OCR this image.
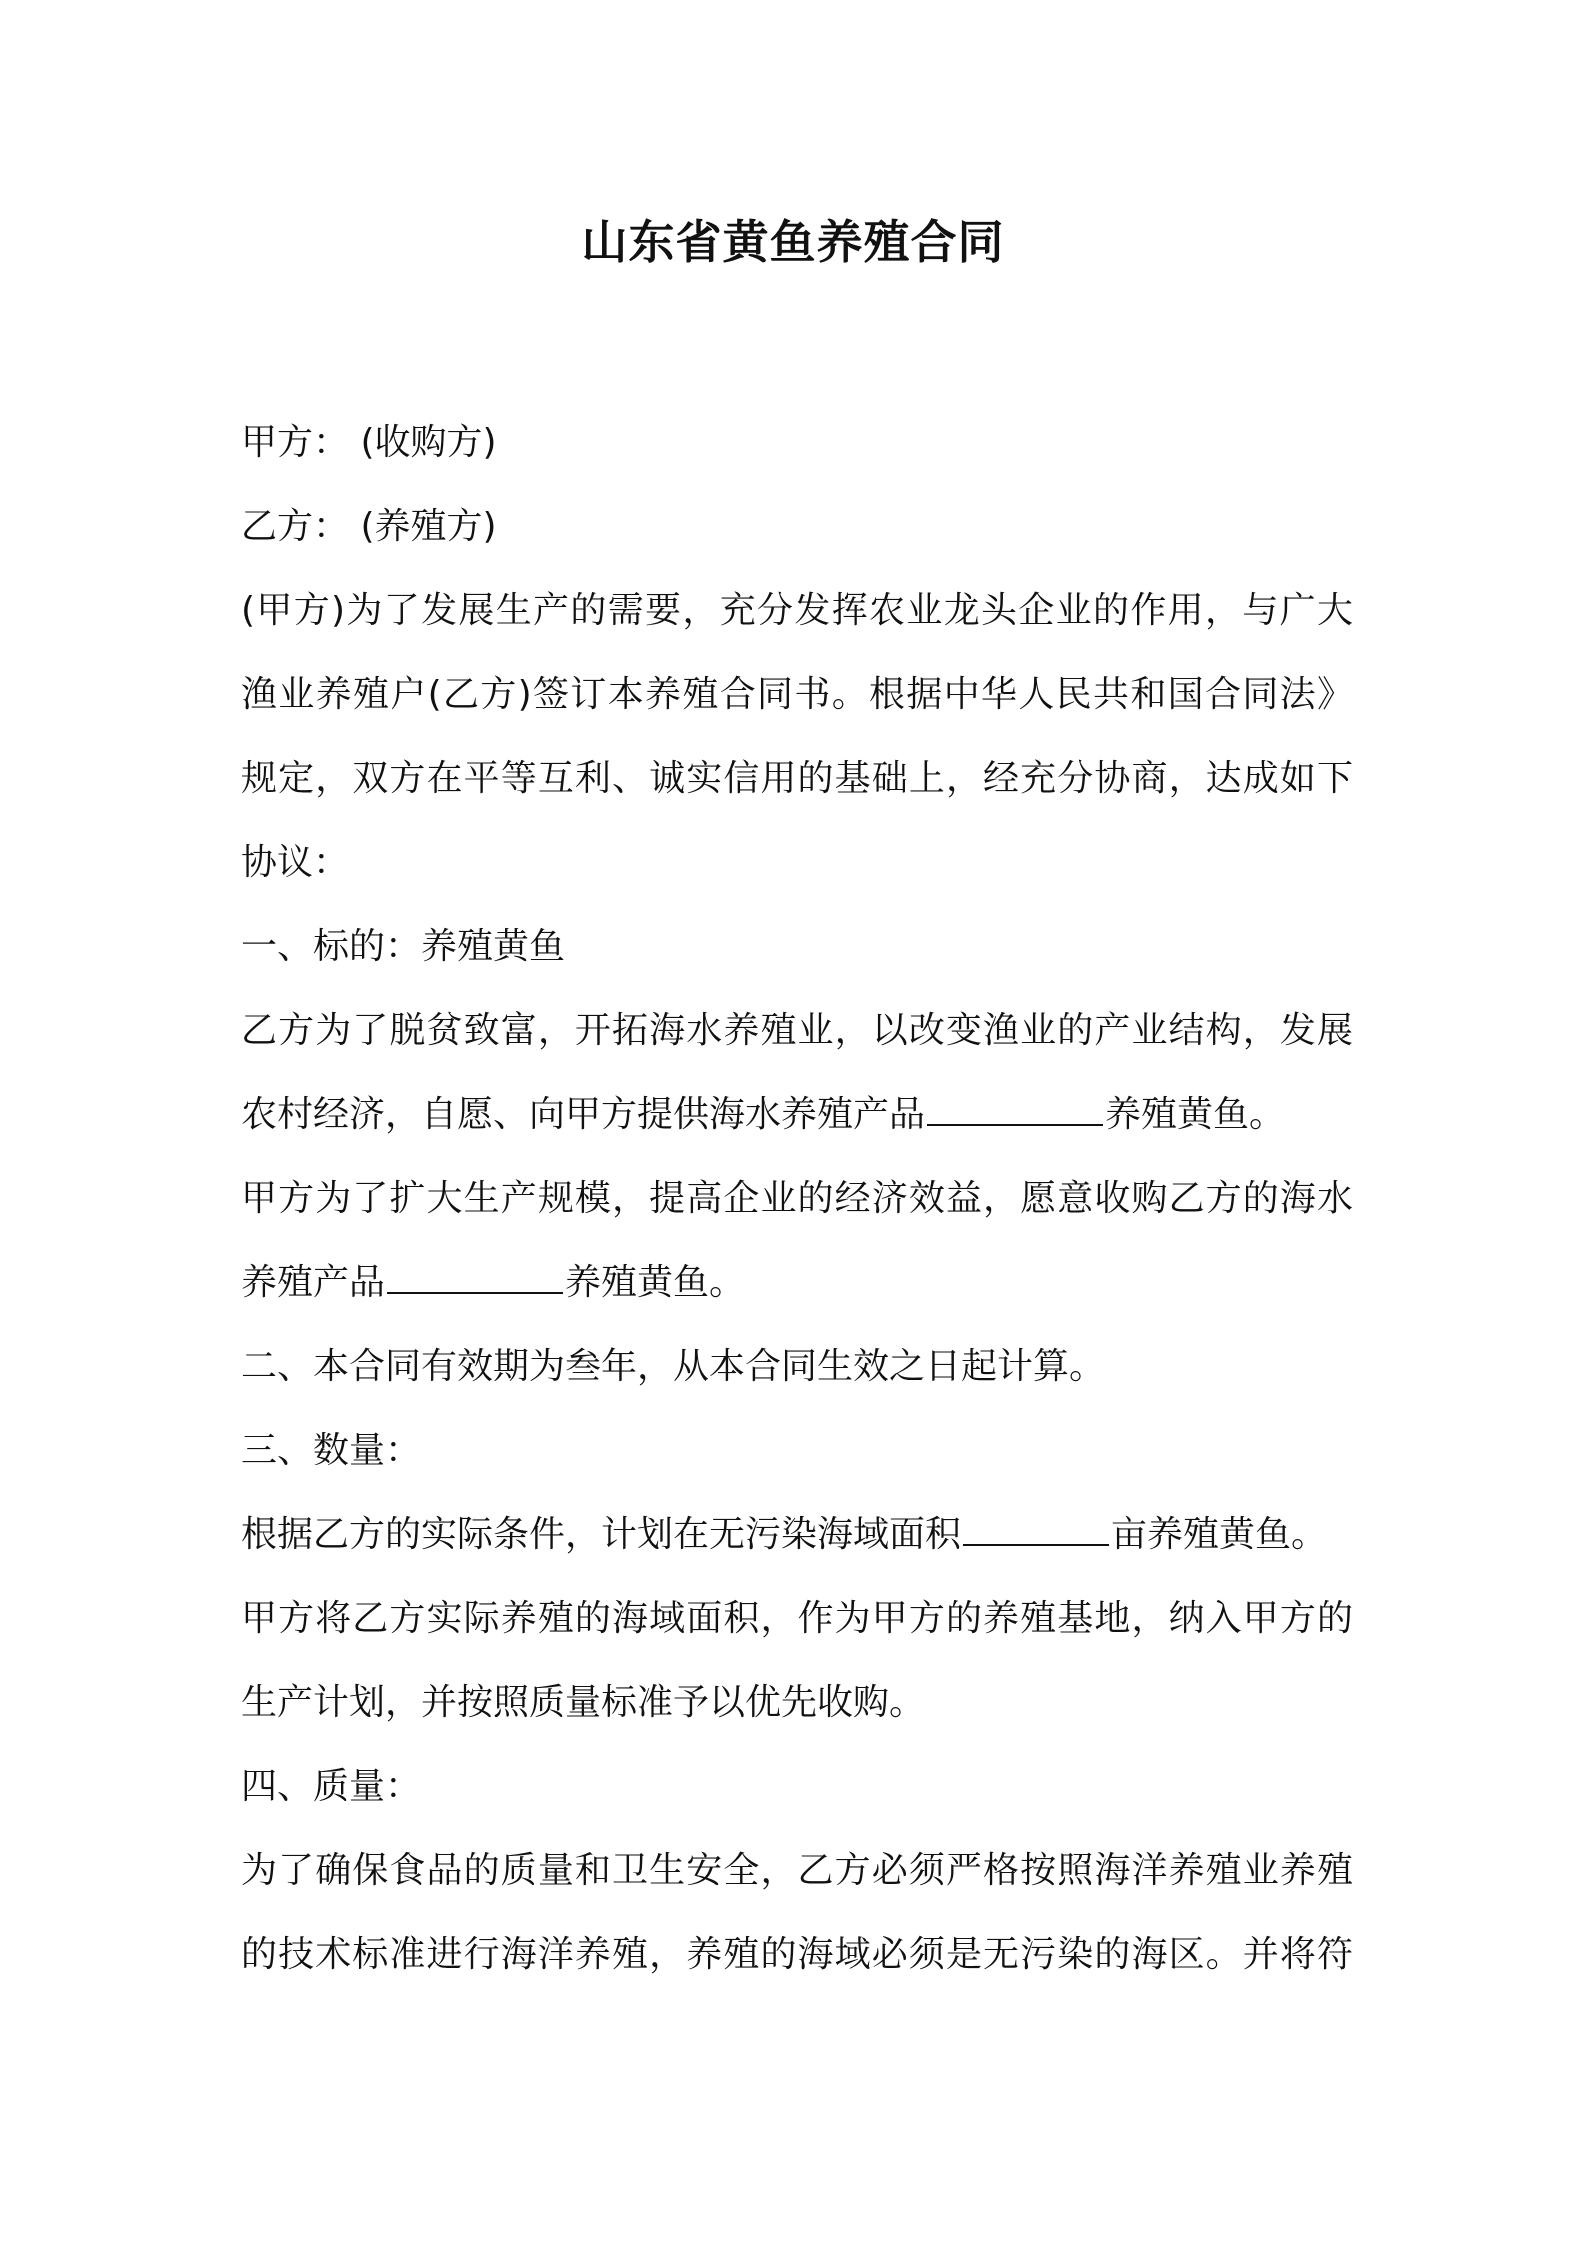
山东省黄鱼养殖合同
甲方： (收购方)
乙方： (养殖方)
(甲方)为了发展生产的需要，充分发挥农业龙头企业的作用，与广大
渔业养殖户(乙方)签订本养殖合同书。根据中华人民共和国合同法》
规定，双方在平等互利、诚实信用的基础上，经充分协商，达成如下
协议：
一、标的：养殖黄鱼
乙方为了脱贫致富，开拓海水养殖业，以改变渔业的产业结构，发展
农村经济，自愿、向甲方提供海水养殖产品	养殖黄鱼。
甲方为了扩大生产规模，提高企业的经济效益，愿意收购乙方的海水
养殖产品	养殖黄鱼。
二、本合同有效期为叁年，从本合同生效之日起计算。
三、数量：
根据乙方的实际条件，计划在无污染海域面积	亩养殖黄鱼。
甲方将乙方实际养殖的海域面积，作为甲方的养殖基地，纳入甲方的
生产计划，并按照质量标准予以优先收购。
四、质量：
为了确保食品的质量和卫生安全，乙方必须严格按照海洋养殖业养殖
的技术标准进行海洋养殖，养殖的海域必须是无污染的海区。并将符
